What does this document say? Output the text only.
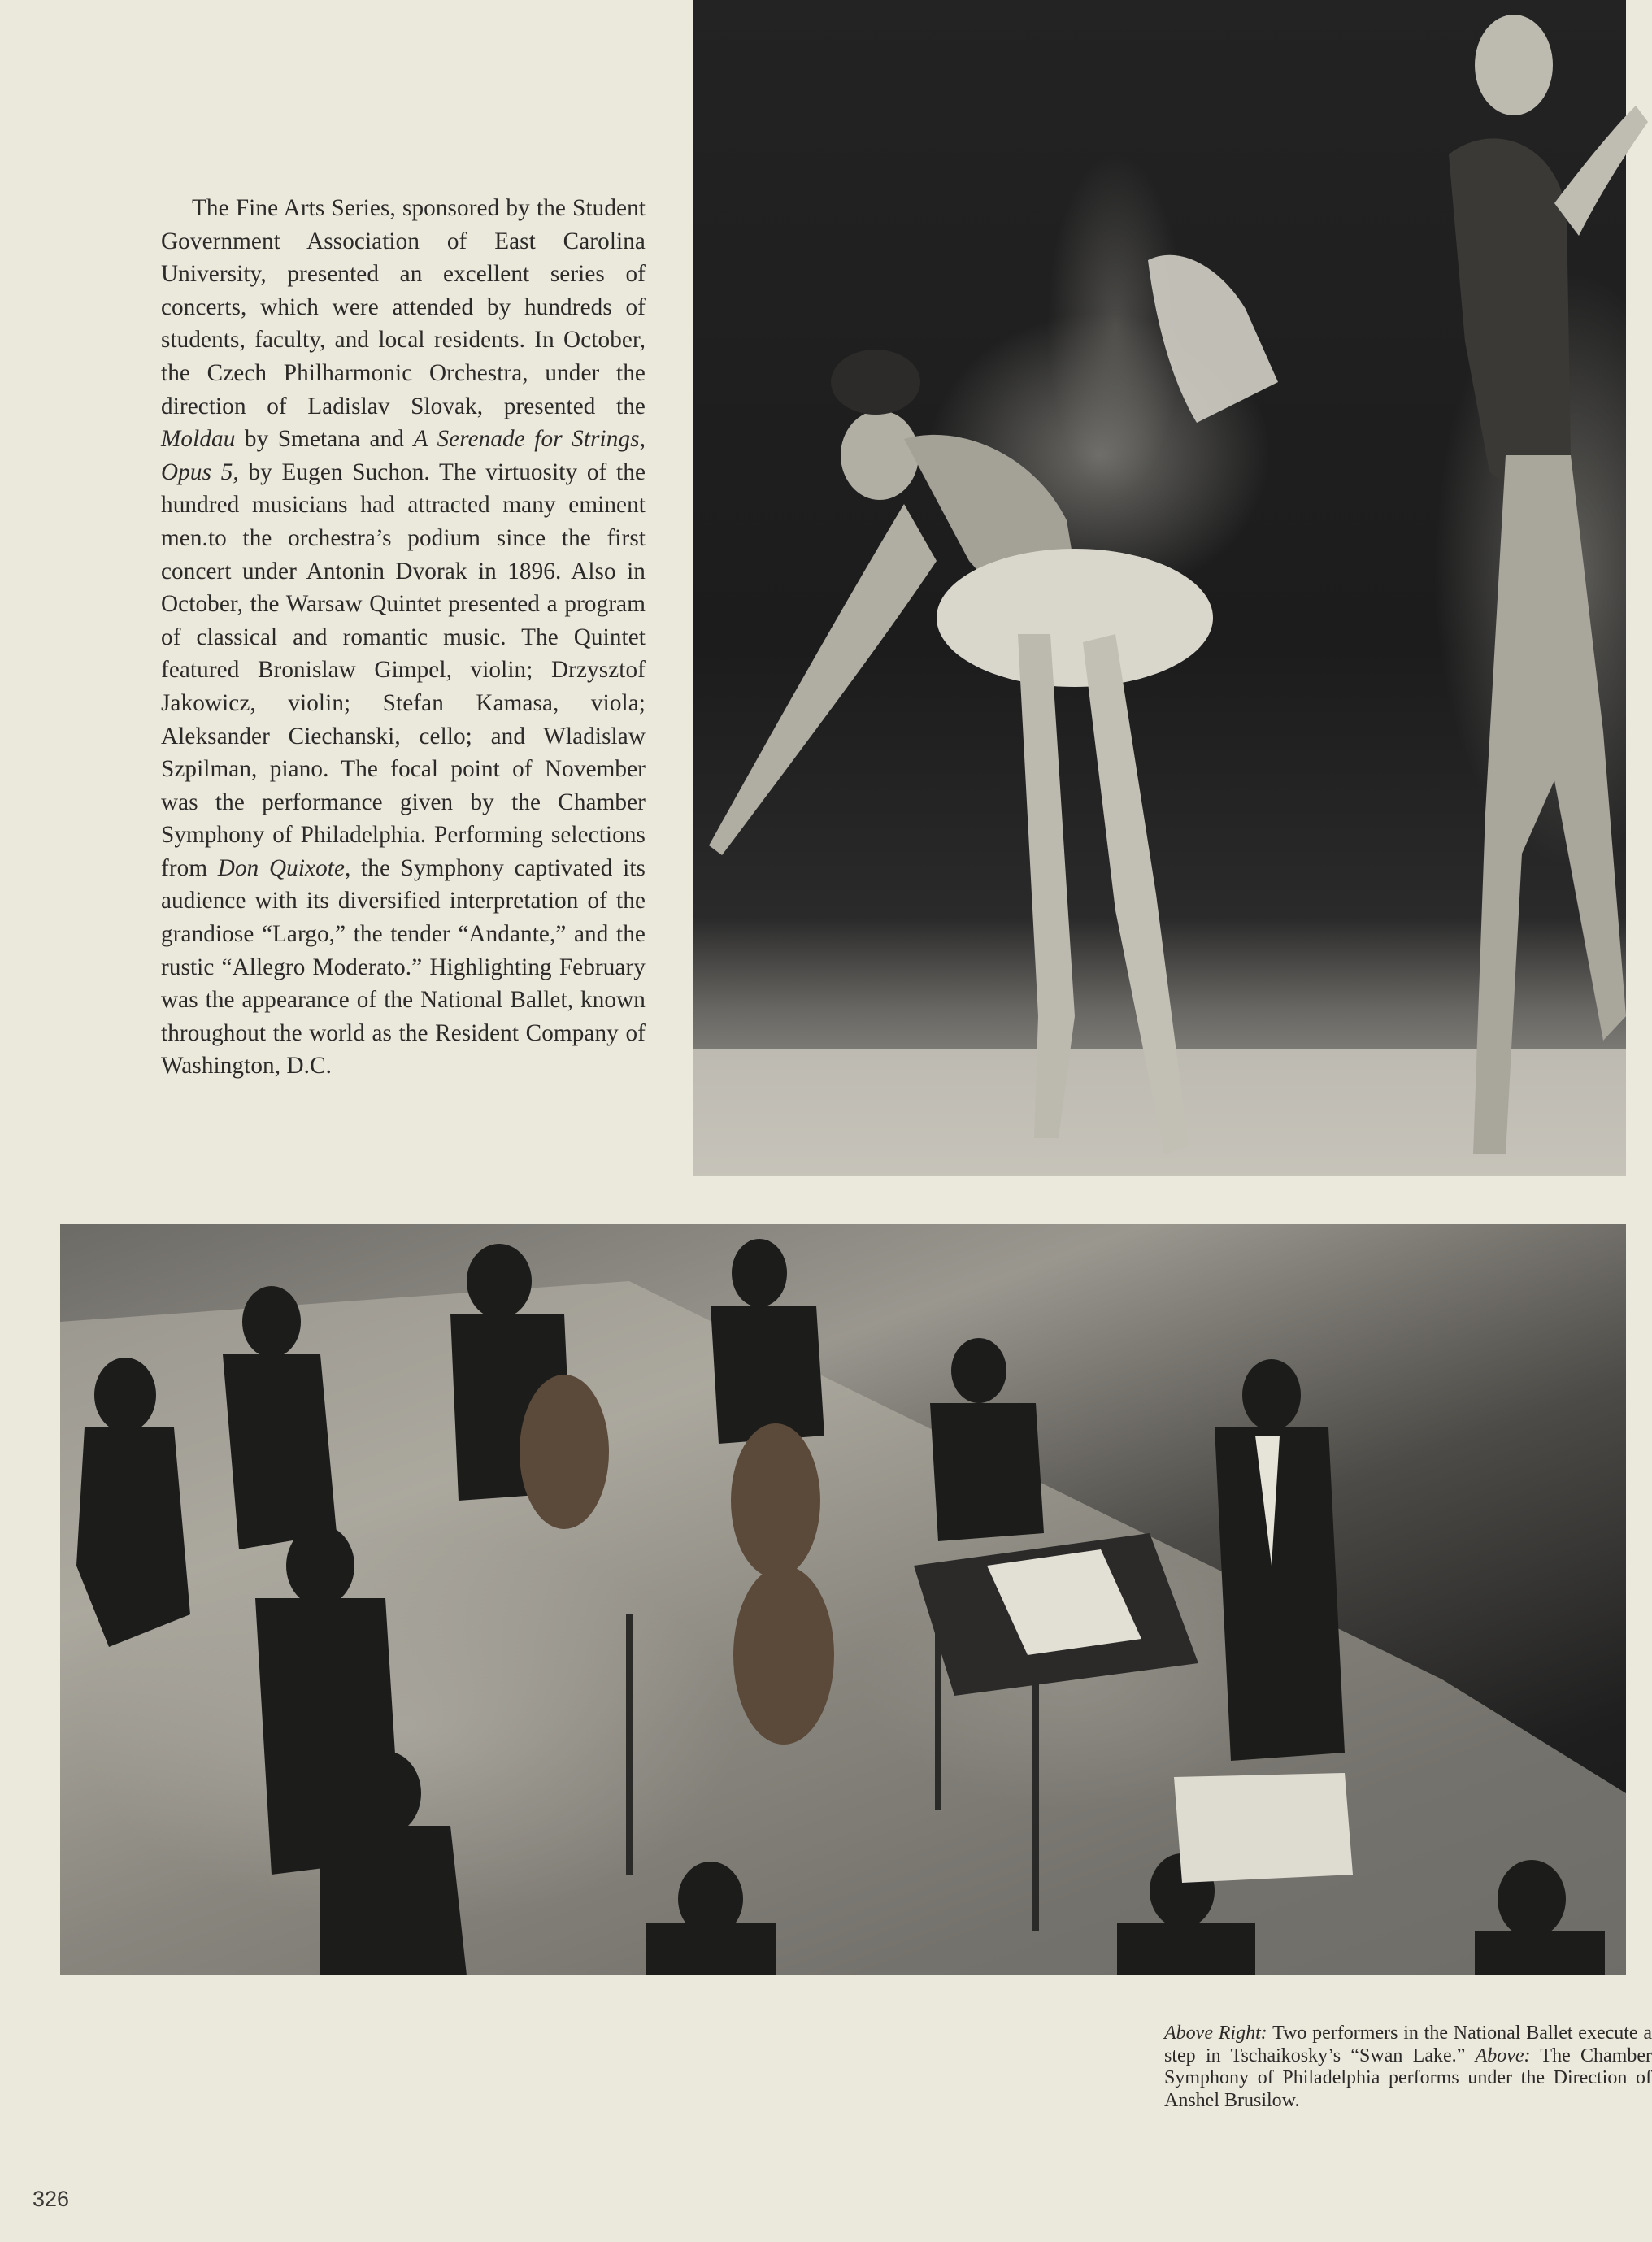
The Fine Arts Series, sponsored by the Student Government Association of East Carolina University, presented an excellent series of concerts, which were attended by hundreds of students, faculty, and local residents. In October, the Czech Philharmonic Orchestra, under the direction of Ladislav Slovak, presented the Moldau by Smetana and A Serenade for Strings, Opus 5, by Eugen Suchon. The virtuosity of the hundred musicians had attracted many eminent men.to the orchestra’s podium since the first concert under Antonin Dvorak in 1896. Also in October, the Warsaw Quintet presented a program of classical and romantic music. The Quintet featured Bronislaw Gimpel, violin; Drzysztof Jakowicz, violin; Stefan Kamasa, viola; Aleksander Ciechanski, cello; and Wladislaw Szpilman, piano. The focal point of November was the performance given by the Chamber Symphony of Philadelphia. Performing selections from Don Quixote, the Symphony captivated its audience with its diversified interpretation of the grandiose “Largo,” the tender “Andante,” and the rustic “Allegro Moderato.” Highlighting February was the appearance of the National Ballet, known throughout the world as the Resident Company of Washington, D.C.

Above Right: Two performers in the National Ballet execute a step in Tschaikosky’s “Swan Lake.” Above: The Chamber Symphony of Philadelphia performs under the Direction of Anshel Brusilow.

326
